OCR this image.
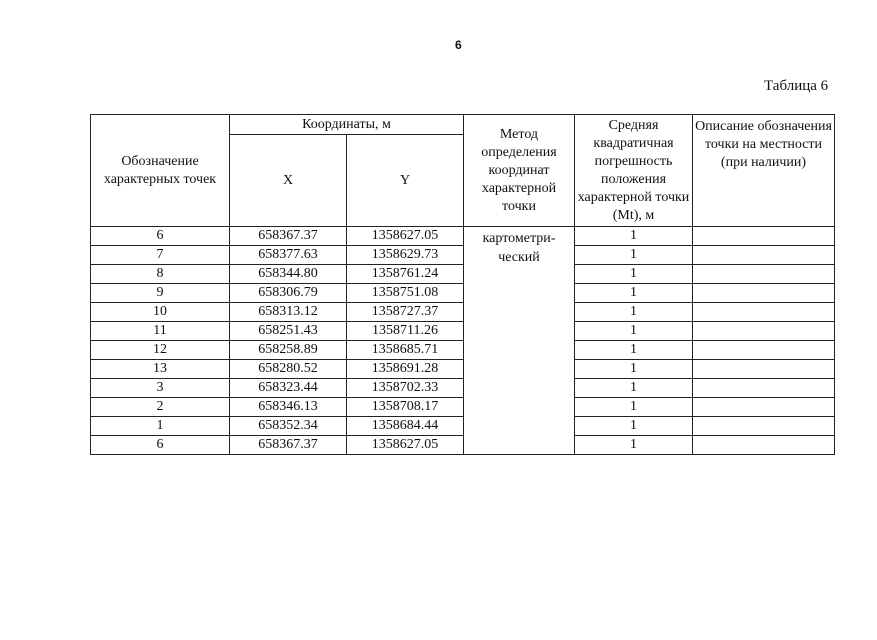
6
Таблица 6
Обозначение характерных точек	Координаты, м		Метод определения координат характерной точки	Средняя квадратичная погрешность положения характерной точки (Mt), м	Описание обозначения точки на местности (при наличии)
	X	Y			
6	658367.37	1358627.05	картометри-ческий	1	
7	658377.63	1358629.73		1	
8	658344.80	1358761.24		1	
9	658306.79	1358751.08		1	
10	658313.12	1358727.37		1	
11	658251.43	1358711.26		1	
12	658258.89	1358685.71		1	
13	658280.52	1358691.28		1	
3	658323.44	1358702.33		1	
2	658346.13	1358708.17		1	
1	658352.34	1358684.44		1	
6	658367.37	1358627.05		1	
